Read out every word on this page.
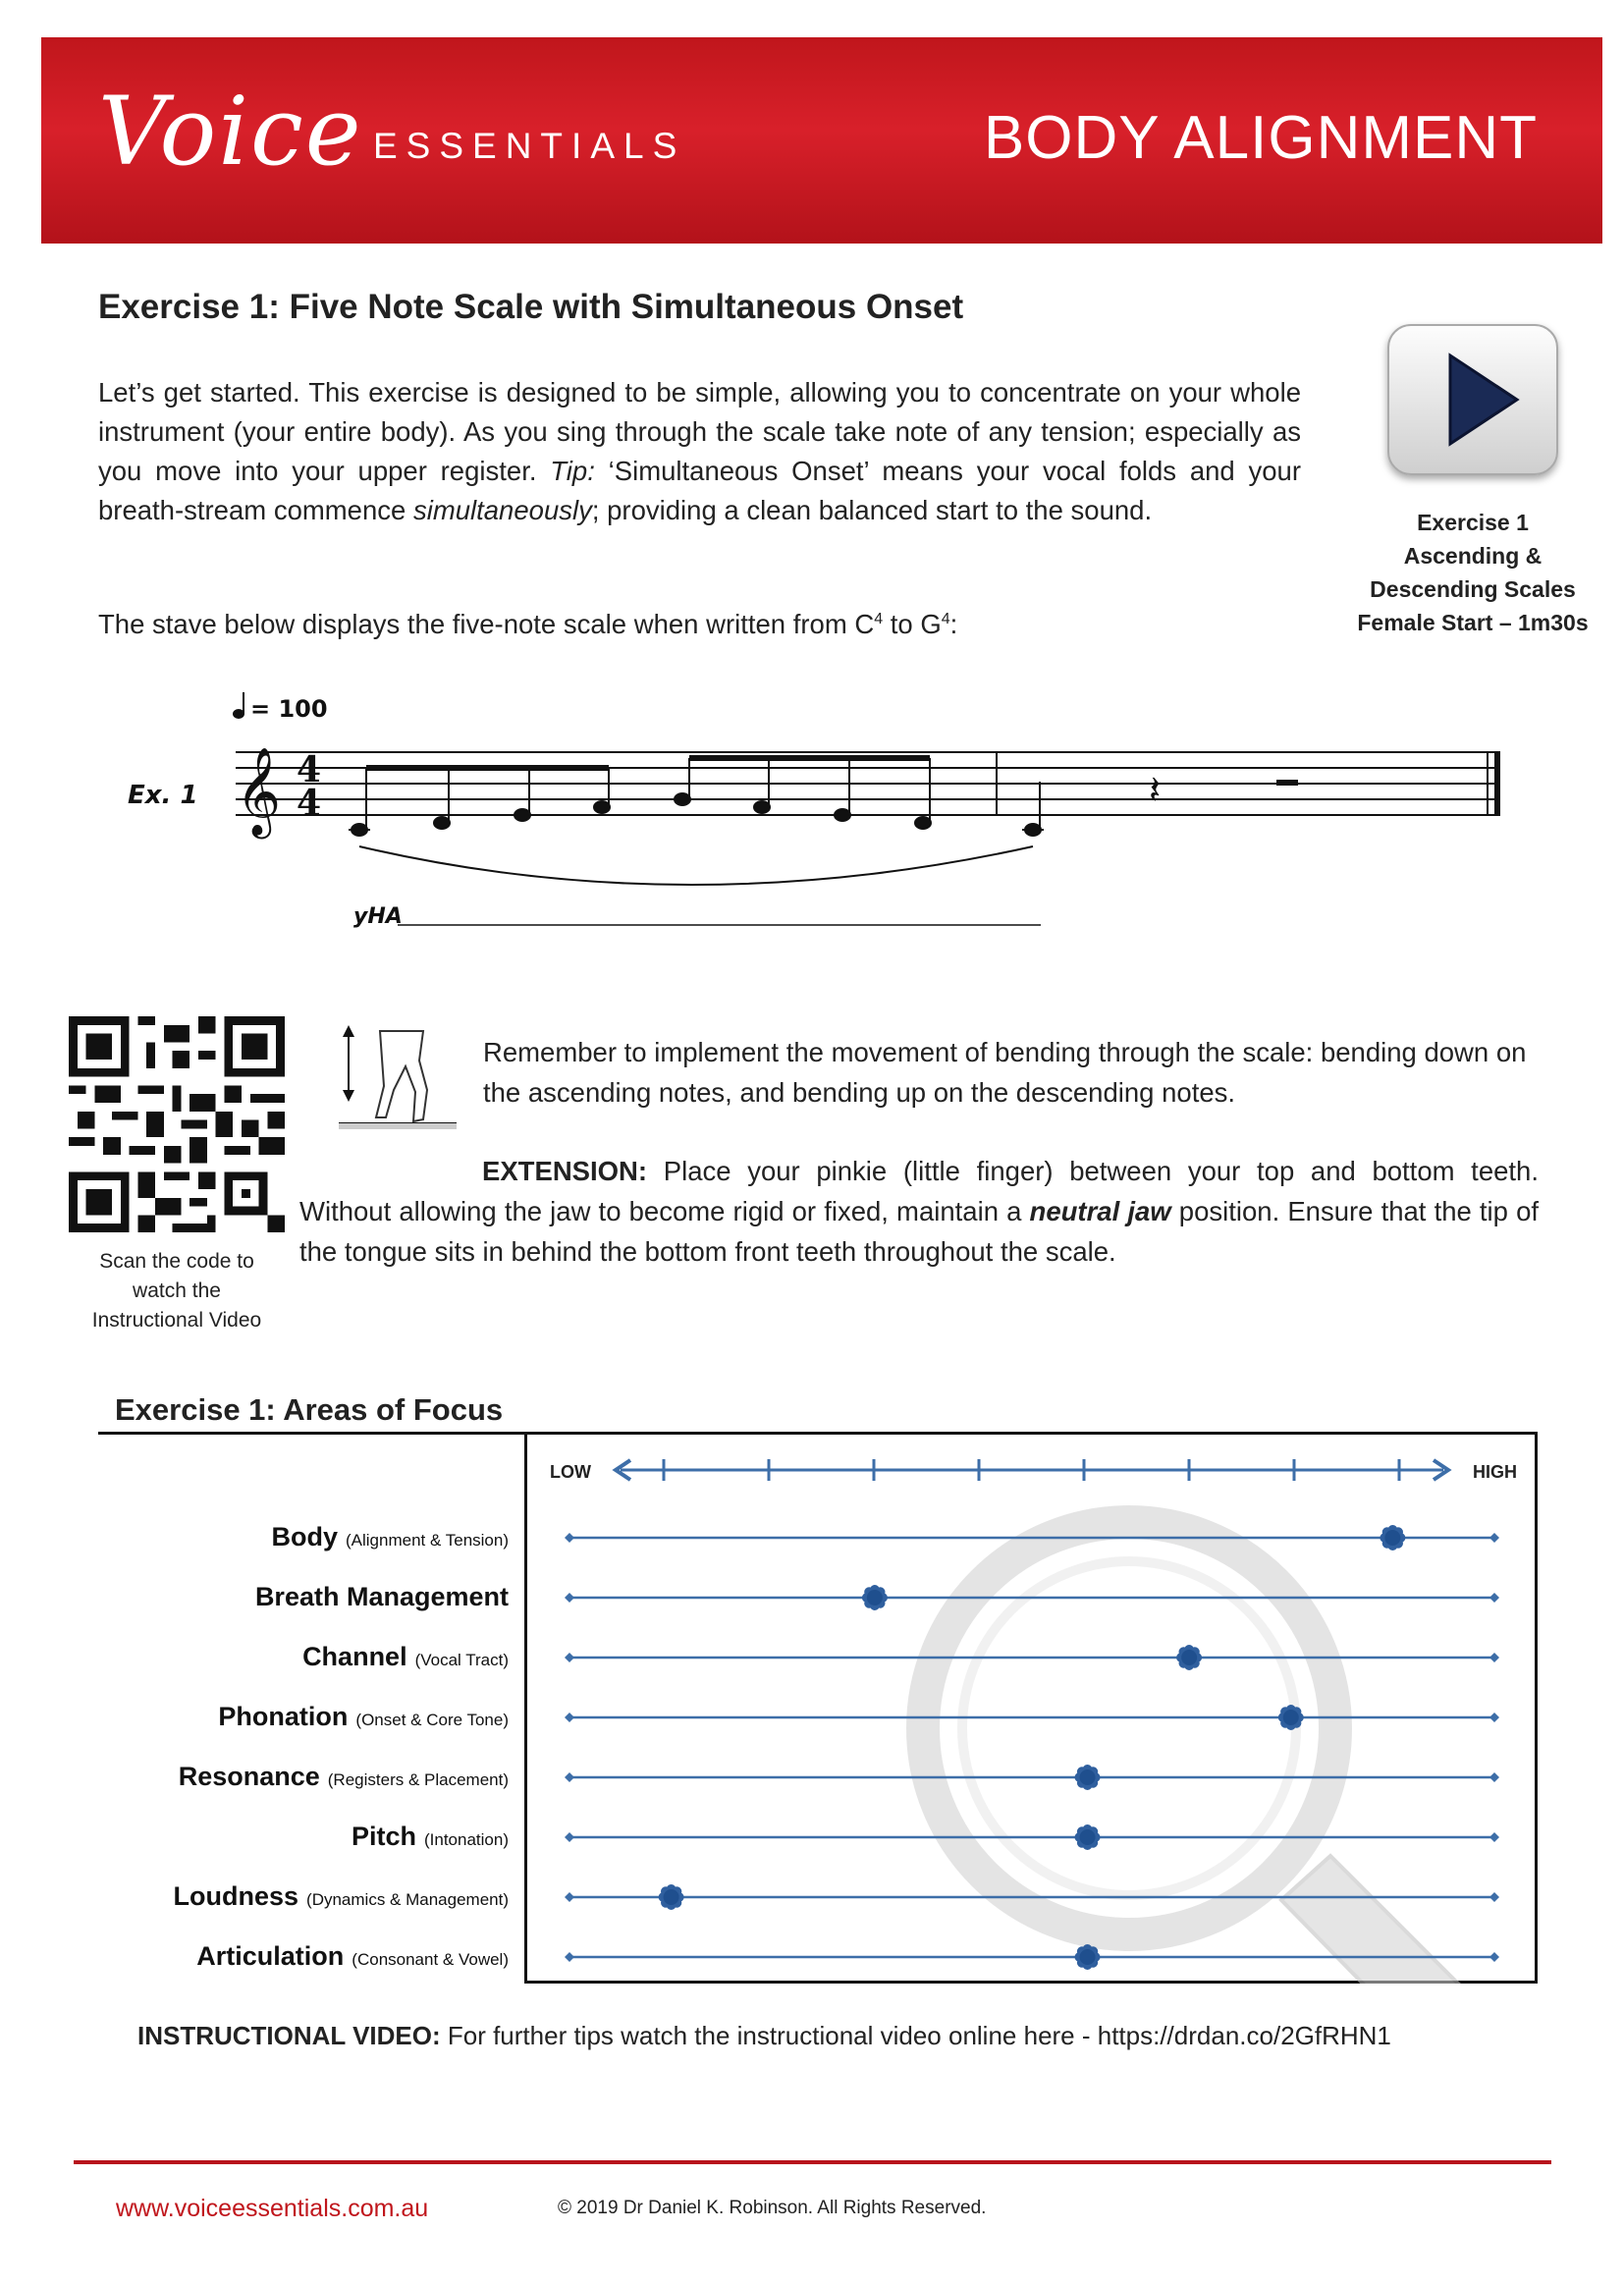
Voice ESSENTIALS	BODY ALIGNMENT
Exercise 1: Five Note Scale with Simultaneous Onset
Let’s get started. This exercise is designed to be simple, allowing you to concentrate on your whole instrument (your entire body). As you sing through the scale take note of any tension; especially as you move into your upper register. Tip: ‘Simultaneous Onset’ means your vocal folds and your breath-stream commence simultaneously; providing a clean balanced start to the sound.
The stave below displays the five-note scale when written from $C^4$ to $G^4$:
Exercise 1
Ascending &
Descending Scales
Female Start – 1m30s
= 100
Ex. 1 𝄞 4
4	𝄽
yHA
Scan the code to
watch the
Instructional Video
Remember to implement the movement of bending through the scale: bending down on the ascending notes, and bending up on the descending notes.
EXTENSION: Place your pinkie (little finger) between your top and bottom teeth. Without allowing the jaw to become rigid or fixed, maintain a neutral jaw position. Ensure that the tip of the tongue sits in behind the bottom front teeth throughout the scale.
Exercise 1: Areas of Focus
LOW	HIGH
Body (Alignment & Tension)
Breath Management
Channel (Vocal Tract)
Phonation (Onset & Core Tone)
Resonance (Registers & Placement)
Pitch (Intonation)
Loudness (Dynamics & Management)
Articulation (Consonant & Vowel)
INSTRUCTIONAL VIDEO: For further tips watch the instructional video online here - https://drdan.co/2GfRHN1
www.voiceessentials.com.au	© 2019 Dr Daniel K. Robinson. All Rights Reserved.
